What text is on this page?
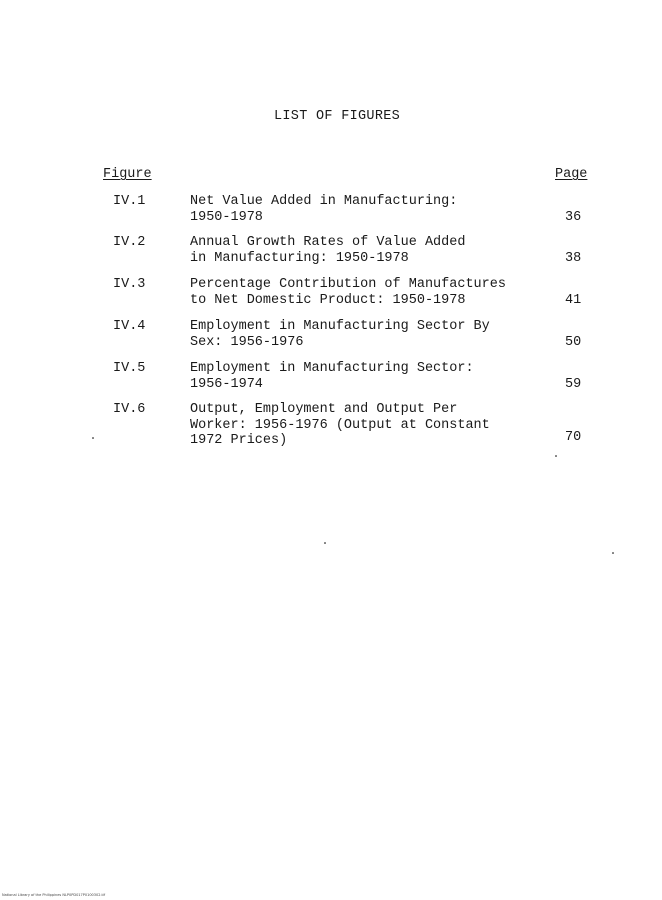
LIST OF FIGURES
Figure	Page
IV.1	Net Value Added in Manufacturing:
1950-1978	36
IV.2	Annual Growth Rates of Value Added
in Manufacturing: 1950-1978	38
IV.3	Percentage Contribution of Manufactures
to Net Domestic Product: 1950-1978	41
IV.4	Employment in Manufacturing Sector By
Sex: 1956-1976	50
IV.5	Employment in Manufacturing Sector:
1956-1974	59
IV.6	Output, Employment and Output Per
Worker: 1956-1976 (Output at Constant
1972 Prices)	70
National Library of the Philippines NLP0PD017P0100302.tif
